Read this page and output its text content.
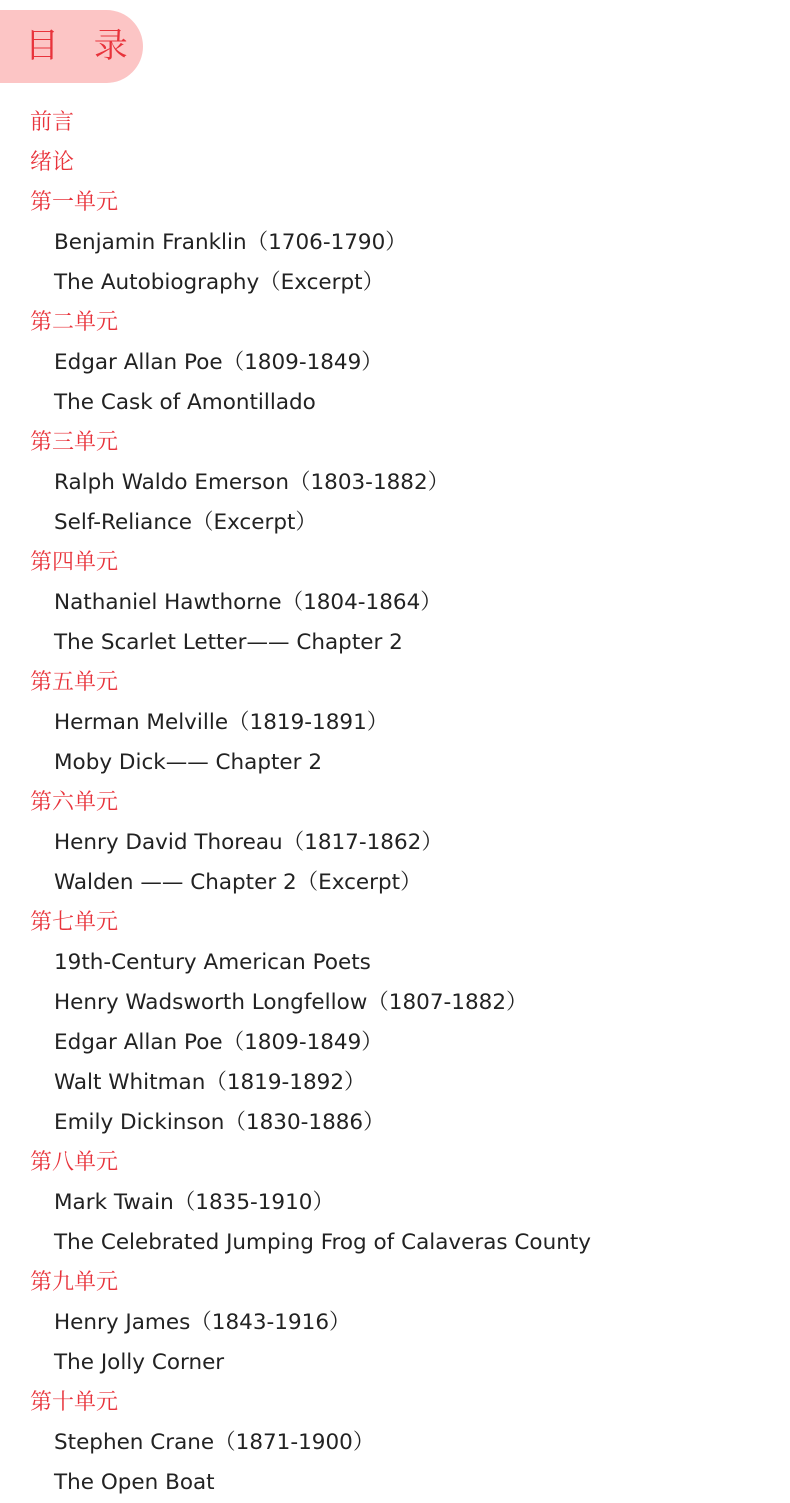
目 录
前言
绪论
第一单元
Benjamin Franklin（1706-1790）
The Autobiography（Excerpt）
第二单元
Edgar Allan Poe（1809-1849）
The Cask of Amontillado
第三单元
Ralph Waldo Emerson（1803-1882）
Self-Reliance（Excerpt）
第四单元
Nathaniel Hawthorne（1804-1864）
The Scarlet Letter—— Chapter 2
第五单元
Herman Melville（1819-1891）
Moby Dick—— Chapter 2
第六单元
Henry David Thoreau（1817-1862）
Walden —— Chapter 2（Excerpt）
第七单元
19th-Century American Poets
Henry Wadsworth Longfellow（1807-1882）
Edgar Allan Poe（1809-1849）
Walt Whitman（1819-1892）
Emily Dickinson（1830-1886）
第八单元
Mark Twain（1835-1910）
The Celebrated Jumping Frog of Calaveras County
第九单元
Henry James（1843-1916）
The Jolly Corner
第十单元
Stephen Crane（1871-1900）
The Open Boat
